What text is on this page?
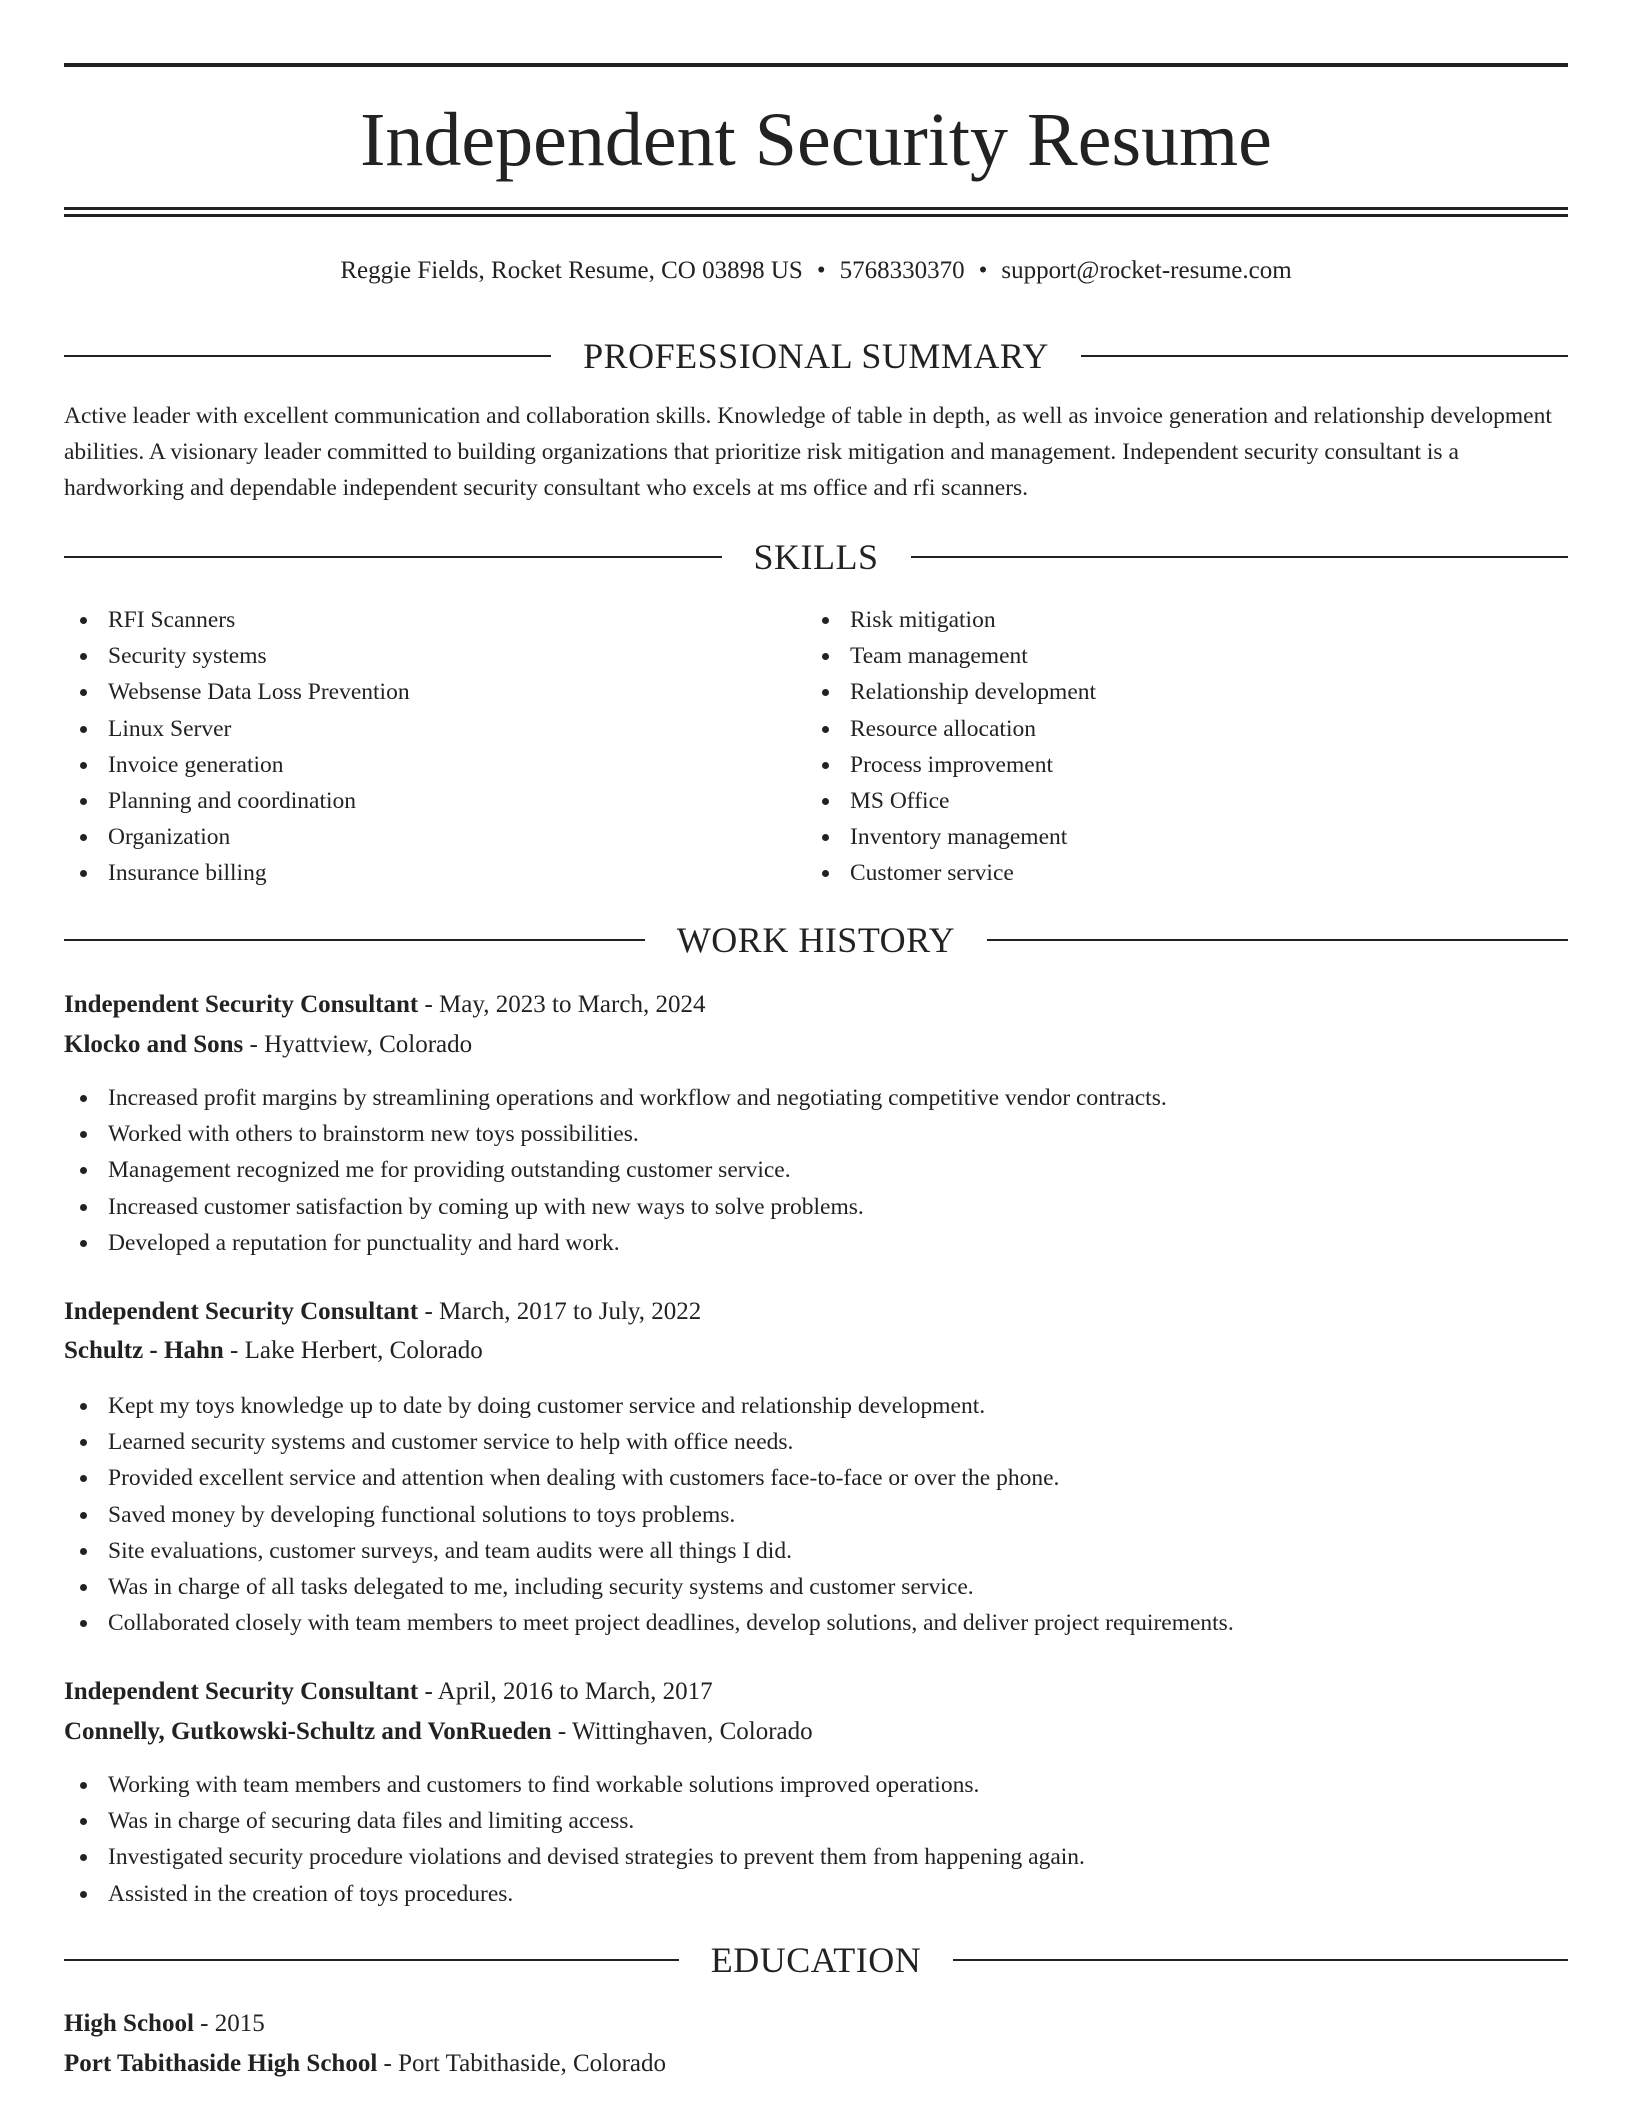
Independent Security Resume
Reggie Fields, Rocket Resume, CO 03898 US • 5768330370 • support@rocket-resume.com
PROFESSIONAL SUMMARY

Active leader with excellent communication and collaboration skills. Knowledge of table in depth, as well as invoice generation and relationship development abilities. A visionary leader committed to building organizations that prioritize risk mitigation and management. Independent security consultant is a hardworking and dependable independent security consultant who excels at ms office and rfi scanners.

SKILLS
RFI Scanners
Security systems
Websense Data Loss Prevention
Linux Server
Invoice generation
Planning and coordination
Organization
Insurance billing
Risk mitigation
Team management
Relationship development
Resource allocation
Process improvement
MS Office
Inventory management
Customer service
WORK HISTORY
Independent Security Consultant - May, 2023 to March, 2024
Klocko and Sons - Hyattview, Colorado
Increased profit margins by streamlining operations and workflow and negotiating competitive vendor contracts.
Worked with others to brainstorm new toys possibilities.
Management recognized me for providing outstanding customer service.
Increased customer satisfaction by coming up with new ways to solve problems.
Developed a reputation for punctuality and hard work.
Independent Security Consultant - March, 2017 to July, 2022
Schultz - Hahn - Lake Herbert, Colorado
Kept my toys knowledge up to date by doing customer service and relationship development.
Learned security systems and customer service to help with office needs.
Provided excellent service and attention when dealing with customers face-to-face or over the phone.
Saved money by developing functional solutions to toys problems.
Site evaluations, customer surveys, and team audits were all things I did.
Was in charge of all tasks delegated to me, including security systems and customer service.
Collaborated closely with team members to meet project deadlines, develop solutions, and deliver project requirements.
Independent Security Consultant - April, 2016 to March, 2017
Connelly, Gutkowski-Schultz and VonRueden - Wittinghaven, Colorado
Working with team members and customers to find workable solutions improved operations.
Was in charge of securing data files and limiting access.
Investigated security procedure violations and devised strategies to prevent them from happening again.
Assisted in the creation of toys procedures.
EDUCATION
High School - 2015
Port Tabithaside High School - Port Tabithaside, Colorado
